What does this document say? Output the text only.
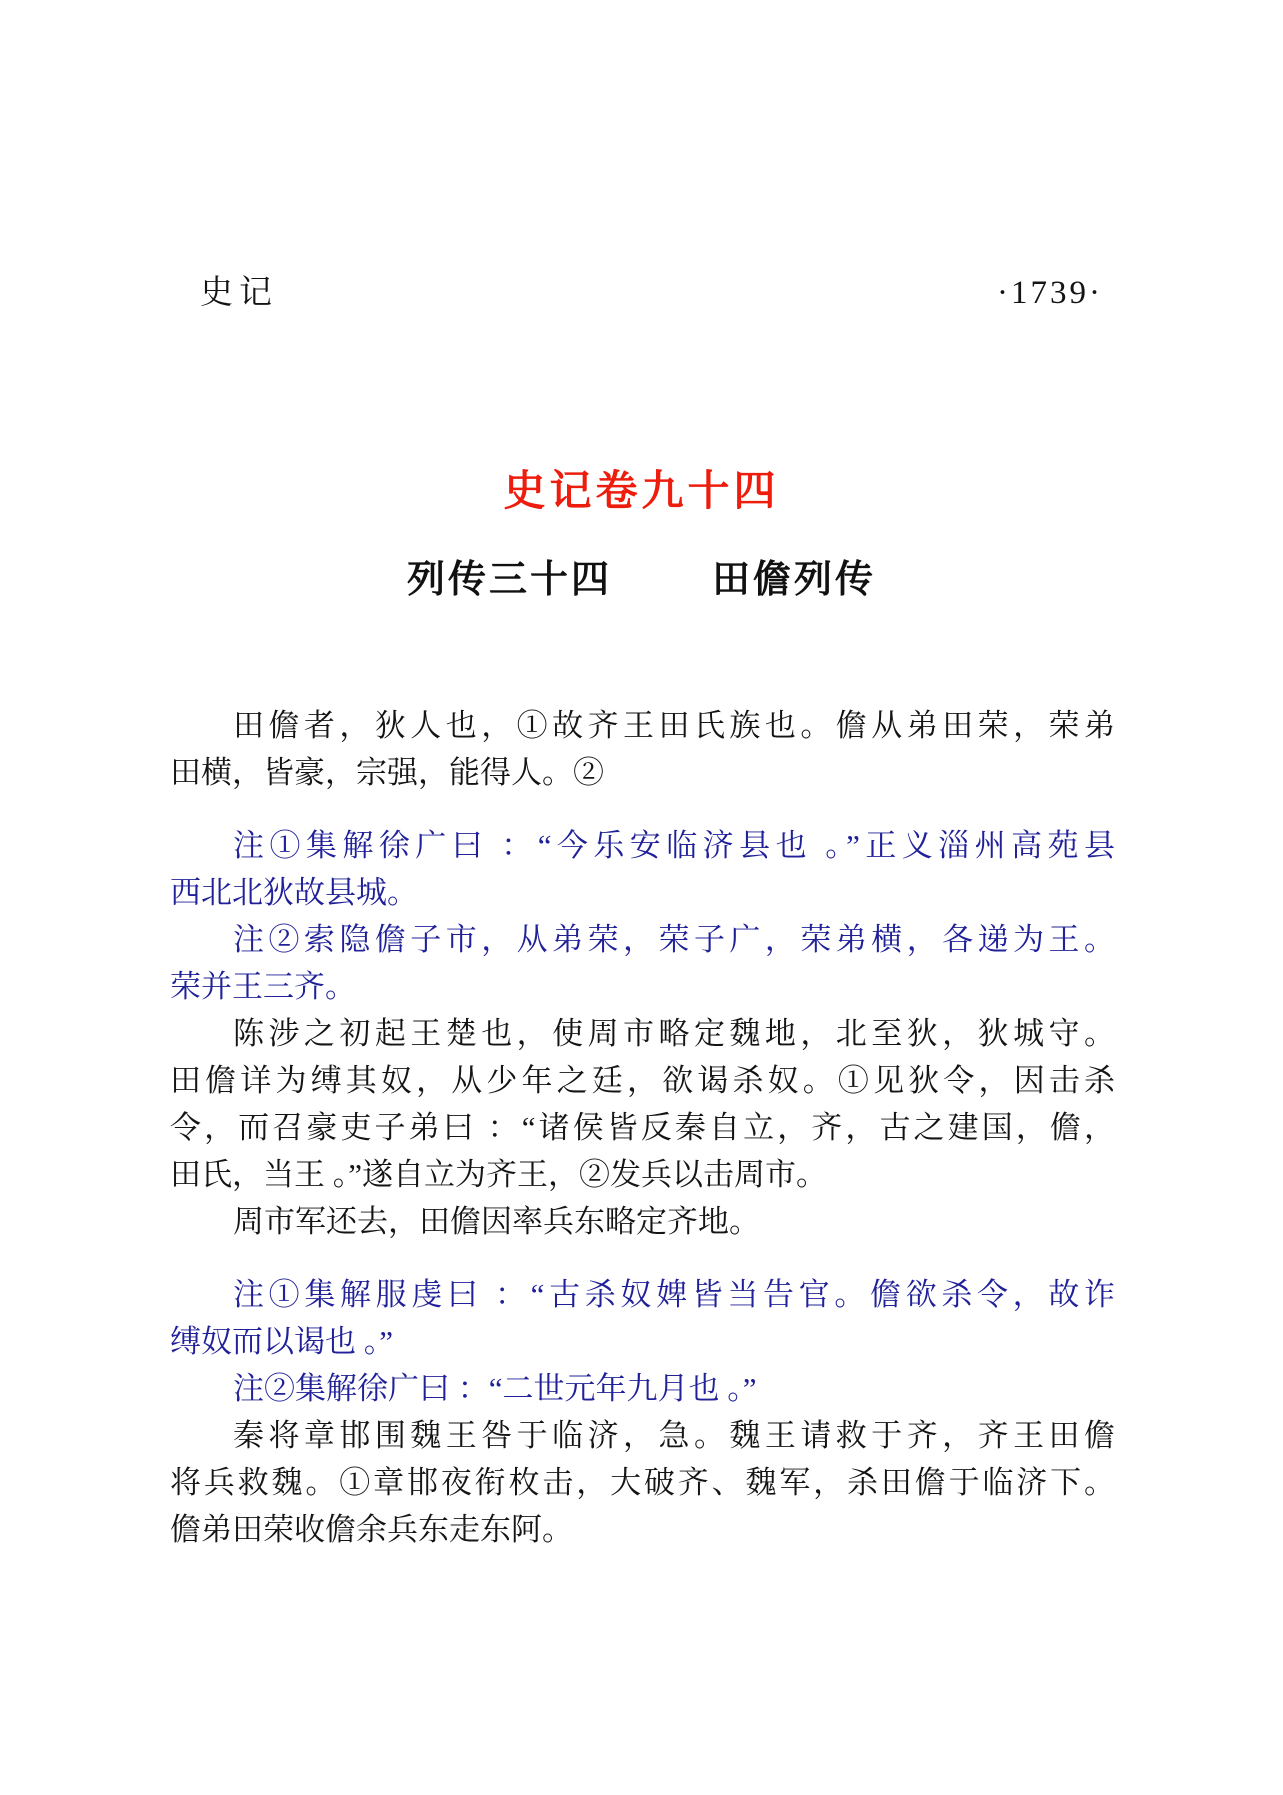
史记	·1739·
史记卷九十四
列传三十四	田儋列传
田儋者，狄人也，①故齐王田氏族也。儋从弟田荣，荣弟
田横，皆豪，宗强，能得人。②
注①集解徐广曰 ：“今乐安临济县也 。”正义淄州高苑县
西北北狄故县城。
注②索隐儋子市，从弟荣，荣子广，荣弟横，各递为王。
荣并王三齐。
陈涉之初起王楚也，使周市略定魏地，北至狄，狄城守。
田儋详为缚其奴，从少年之廷，欲谒杀奴。①见狄令，因击杀
令，而召豪吏子弟曰 ：“诸侯皆反秦自立，齐，古之建国，儋，
田氏，当王 。”遂自立为齐王，②发兵以击周市。
周市军还去，田儋因率兵东略定齐地。
注①集解服虔曰 ：“古杀奴婢皆当告官。儋欲杀令，故诈
缚奴而以谒也 。”
注②集解徐广曰 ：“二世元年九月也 。”
秦将章邯围魏王咎于临济，急。魏王请救于齐，齐王田儋
将兵救魏。①章邯夜衔枚击，大破齐、魏军，杀田儋于临济下。
儋弟田荣收儋余兵东走东阿。
